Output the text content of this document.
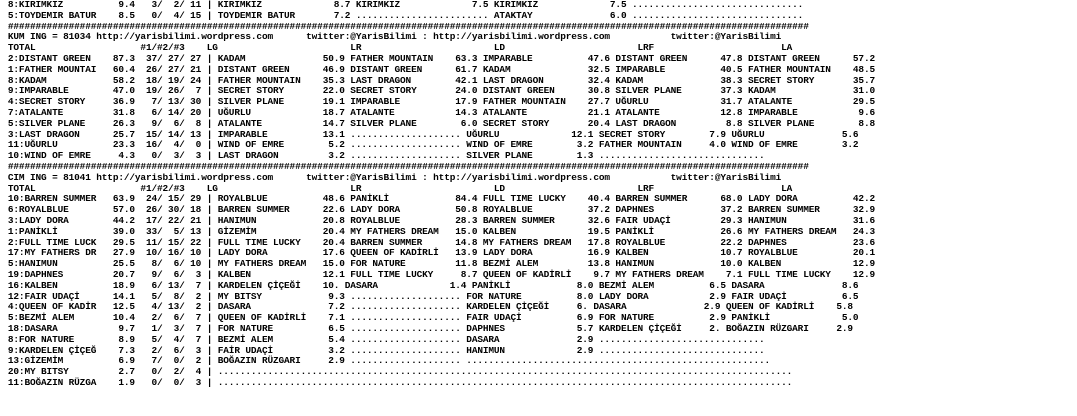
8:KIRIMKIZ          9.4   3/  2/ 11 | KIRIMKIZ             8.7 KIRIMKIZ             7.5 KIRIMKIZ             7.5 ...............................
5:TOYDEMIR BATUR    8.5   0/  4/ 15 | TOYDEMIR BATUR       7.2 ........................ ATAKTAY              6.0 ...............................
#################################################################################################################################################
KUM ING = 81034 http://yarisbilimi.wordpress.com      twitter:@YarisBilimi : http://yarisbilimi.wordpress.com           twitter:@YarisBilimi
TOTAL                   #1/#2/#3    LG                        LR                        LD                        LRF                       LA
2:DISTANT GREEN    87.3  37/ 27/ 27 | KADAM              50.9 FATHER MOUNTAIN    63.3 IMPARABLE          47.6 DISTANT GREEN      47.8 DISTANT GREEN      57.2
1:FATHER MOUNTAI   60.4  26/ 27/ 21 | DISTANT GREEN      46.9 DISTANT GREEN      61.7 KADAM              32.5 IMPARABLE          40.5 FATHER MOUNTAIN    48.5
8:KADAM            58.2  18/ 19/ 24 | FATHER MOUNTAIN    35.3 LAST DRAGON        42.1 LAST DRAGON        32.4 KADAM              38.3 SECRET STORY       35.7
9:IMPARABLE        47.0  19/ 26/  7 | SECRET STORY       22.0 SECRET STORY       24.0 DISTANT GREEN      30.8 SILVER PLANE       37.3 KADAM              31.0
4:SECRET STORY     36.9   7/ 13/ 30 | SILVER PLANE       19.1 IMPARABLE          17.9 FATHER MOUNTAIN    27.7 UĞURLU             31.7 ATALANTE           29.5
7:ATALANTE         31.8   6/ 14/ 20 | UĞURLU             18.7 ATALANTE           14.3 ATALANTE           21.1 ATALANTE           12.8 IMPARABLE           9.6
5:SILVER PLANE     26.3   9/  6/  8 | ATALANTE           14.7 SILVER PLANE        6.0 SECRET STORY       20.4 LAST DRAGON         8.8 SILVER PLANE        8.8
3:LAST DRAGON      25.7  15/ 14/ 13 | IMPARABLE          13.1 .................... UĞURLU             12.1 SECRET STORY        7.9 UĞURLU              5.6
11:UĞURLU          23.3  16/  4/  0 | WIND OF EMRE        5.2 .................... WIND OF EMRE        3.2 FATHER MOUNTAIN     4.0 WIND OF EMRE        3.2
10:WIND OF EMRE     4.3   0/  3/  3 | LAST DRAGON         3.2 .................... SILVER PLANE        1.3 ..............................
#################################################################################################################################################
CIM ING = 81041 http://yarisbilimi.wordpress.com      twitter:@YarisBilimi : http://yarisbilimi.wordpress.com           twitter:@YarisBilimi
TOTAL                   #1/#2/#3    LG                        LR                        LD                        LRF                       LA
10:BARREN SUMMER   63.9  24/ 15/ 29 | ROYALBLUE          48.6 PANİKLİ            84.4 FULL TIME LUCKY    40.4 BARREN SUMMER      68.0 LADY DORA          42.2
6:ROYALBLUE        57.0  26/ 30/ 18 | BARREN SUMMER      22.6 LADY DORA          50.8 ROYALBLUE          37.2 DAPHNES            37.2 BARREN SUMMER      32.9
3:LADY DORA        44.2  17/ 22/ 21 | HANIMUN            20.8 ROYALBLUE          28.3 BARREN SUMMER      32.6 FAIR UDAÇİ         29.3 HANIMUN            31.6
1:PANİKLİ          39.0  33/  5/ 13 | GİZEMİM            20.4 MY FATHERS DREAM   15.0 KALBEN             19.5 PANİKLİ            26.6 MY FATHERS DREAM   24.3
2:FULL TIME LUCK   29.5  11/ 15/ 22 | FULL TIME LUCKY    20.4 BARREN SUMMER      14.8 MY FATHERS DREAM   17.8 ROYALBLUE          22.2 DAPHNES            23.6
17:MY FATHERS DR   27.9  10/ 16/ 10 | LADY DORA          17.6 QUEEN OF KADİRLİ   13.9 LADY DORA          16.9 KALBEN             10.7 ROYALBLUE          20.1
5:HANIMUN          25.5   8/  6/ 10 | MY FATHERS DREAM   15.0 FOR NATURE         11.8 BEZMİ ALEM         13.8 HANIMUN            10.0 KALBEN             12.9
19:DAPHNES         20.7   9/  6/  3 | KALBEN             12.1 FULL TIME LUCKY     8.7 QUEEN OF KADİRLİ    9.7 MY FATHERS DREAM    7.1 FULL TIME LUCKY    12.9
16:KALBEN          18.9   6/ 13/  7 | KARDELEN ÇİÇEĞİ    10. DASARA             1.4 PANİKLİ            8.0 BEZMİ ALEM          6.5 DASARA              8.6
12:FAIR UDAÇİ      14.1   5/  8/  2 | MY BITSY            9.3 .................... FOR NATURE          8.0 LADY DORA           2.9 FAIR UDAÇİ          6.5
4:QUEEN OF KADİR   12.5   4/ 13/  2 | DASARA              7.2 .................... KARDELEN ÇİÇEĞİ     6. DASARA              2.9 QUEEN OF KADİRLİ    5.8
5:BEZMİ ALEM       10.4   2/  6/  7 | QUEEN OF KADİRLİ    7.1 .................... FAIR UDAÇİ          6.9 FOR NATURE          2.9 PANİKLİ             5.0
18:DASARA           9.7   1/  3/  7 | FOR NATURE          6.5 .................... DAPHNES             5.7 KARDELEN ÇİÇEĞİ     2. BOĞAZIN RÜZGARI     2.9
8:FOR NATURE        8.9   5/  4/  7 | BEZMİ ALEM          5.4 .................... DASARA              2.9 ..............................
9:KARDELEN ÇİÇEĞ    7.3   2/  6/  3 | FAİR UDAÇİ          3.2 .................... HANIMUN             2.9 ..............................
13:GİZEMİM          6.9   7/  0/  2 | BOĞAZIN RÜZGARI     2.9 .................... .......................................................
20:MY BITSY         2.7   0/  2/  4 | ........................................................................................................
11:BOĞAZIN RÜZGA    1.9   0/  0/  3 | ........................................................................................................
